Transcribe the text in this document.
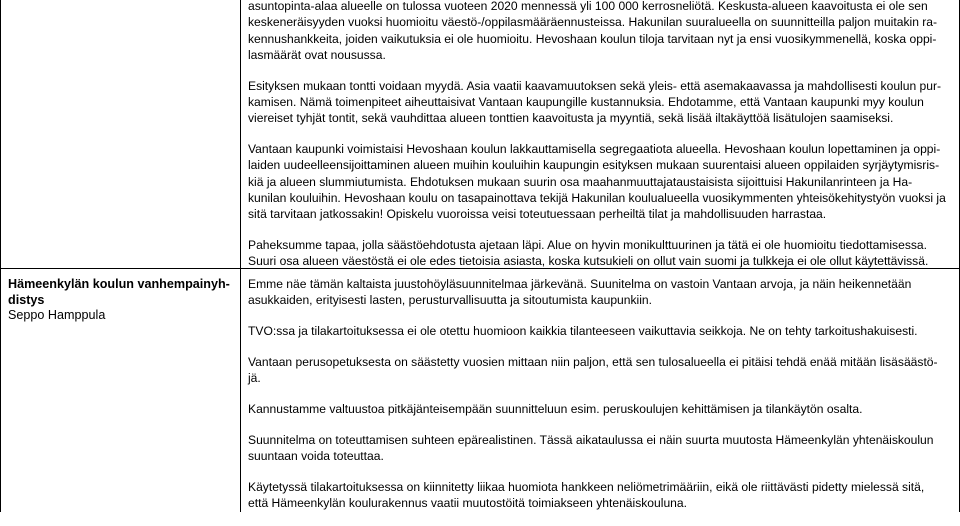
asuntopinta-alaa alueelle on tulossa vuoteen 2020 mennessä yli 100 000 kerrosneliötä. Keskusta-alueen kaavoitusta ei ole sen
keskeneräisyyden vuoksi huomioitu väestö-/oppilasmääräennusteissa. Hakunilan suuralueella on suunnitteilla paljon muitakin ra-
kennushankkeita, joiden vaikutuksia ei ole huomioitu. Hevoshaan koulun tiloja tarvitaan nyt ja ensi vuosikymmenellä, koska oppi-
lasmäärät ovat nousussa.

Esityksen mukaan tontti voidaan myydä. Asia vaatii kaavamuutoksen sekä yleis- että asemakaavassa ja mahdollisesti koulun pur-
kamisen. Nämä toimenpiteet aiheuttaisivat Vantaan kaupungille kustannuksia. Ehdotamme, että Vantaan kaupunki myy koulun
viereiset tyhjät tontit, sekä vauhdittaa alueen tonttien kaavoitusta ja myyntiä, sekä lisää iltakäyttöä lisätulojen saamiseksi.

Vantaan kaupunki voimistaisi Hevoshaan koulun lakkauttamisella segregaatiota alueella. Hevoshaan koulun lopettaminen ja oppi-
laiden uudeelleensijoittaminen alueen muihin kouluihin kaupungin esityksen mukaan suurentaisi alueen oppilaiden syrjäytymisris-
kiä ja alueen slummiutumista. Ehdotuksen mukaan suurin osa maahanmuuttajataustaisista sijoittuisi Hakunilanrinteen ja Ha-
kunilan kouluihin. Hevoshaan koulu on tasapainottava tekijä Hakunilan koulualueella vuosikymmenten yhteisökehitystyön vuoksi ja
sitä tarvitaan jatkossakin! Opiskelu vuoroissa veisi toteutuessaan perheiltä tilat ja mahdollisuuden harrastaa.

Paheksumme tapaa, jolla säästöehdotusta ajetaan läpi. Alue on hyvin monikulttuurinen ja tätä ei ole huomioitu tiedottamisessa.
Suuri osa alueen väestöstä ei ole edes tietoisia asiasta, koska kutsukieli on ollut vain suomi ja tulkkeja ei ole ollut käytettävissä.

Hämeenkylän koulun vanhempainyh-
distys
Seppo Hamppula

Emme näe tämän kaltaista juustohöyläsuunnitelmaa järkevänä. Suunitelma on vastoin Vantaan arvoja, ja näin heikennetään
asukkaiden, erityisesti lasten, perusturvallisuutta ja sitoutumista kaupunkiin.

TVO:ssa ja tilakartoituksessa ei ole otettu huomioon kaikkia tilanteeseen vaikuttavia seikkoja. Ne on tehty tarkoitushakuisesti.

Vantaan perusopetuksesta on säästetty vuosien mittaan niin paljon, että sen tulosalueella ei pitäisi tehdä enää mitään lisäsäästö-
jä.

Kannustamme valtuustoa pitkäjänteisempään suunnitteluun esim. peruskoulujen kehittämisen ja tilankäytön osalta.

Suunnitelma on toteuttamisen suhteen epärealistinen. Tässä aikataulussa ei näin suurta muutosta Hämeenkylän yhtenäiskoulun
suuntaan voida toteuttaa.

Käytetyssä tilakartoituksessa on kiinnitetty liikaa huomiota hankkeen neliömetrimääriin, eikä ole riittävästi pidetty mielessä sitä,
että Hämeenkylän koulurakennus vaatii muutostöitä toimiakseen yhtenäiskouluna.
